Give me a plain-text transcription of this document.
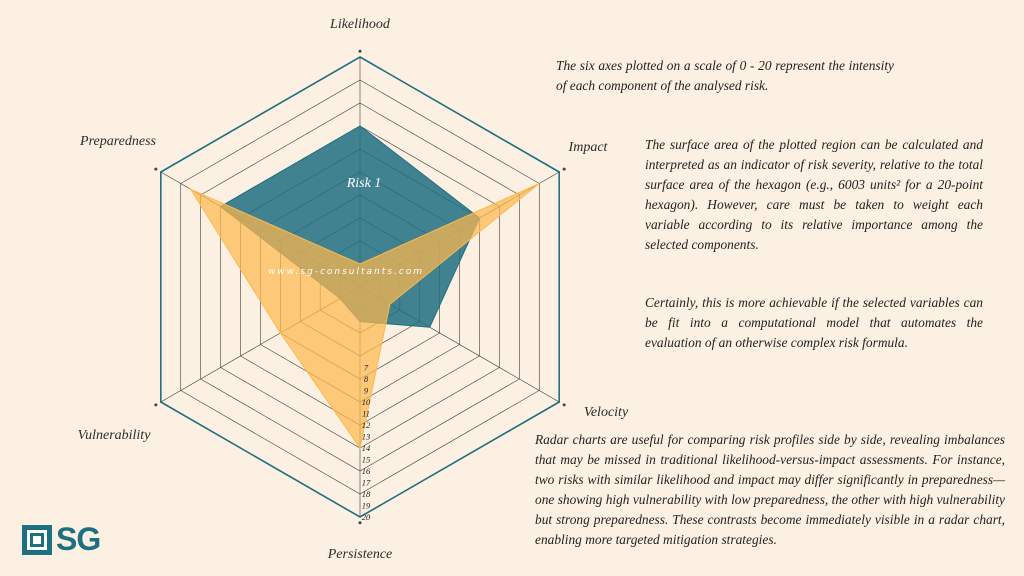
7
8
9
10
11
12
13
14
15
16
17
18
19
20
Likelihood
Impact
Velocity
Persistence
Vulnerability
Preparedness
Risk 1
www.sg-consultants.com

The six axes plotted on a scale of 0 - 20 represent the intensity of each component of the analysed risk.

The surface area of the plotted region can be calculated and interpreted as an indicator of risk severity, relative to the total surface area of the hexagon (e.g., 6003 units² for a 20-point hexagon). However, care must be taken to weight each variable according to its relative importance among the selected components.

Certainly, this is more achievable if the selected variables can be fit into a computational model that automates the evaluation of an otherwise complex risk formula.

Radar charts are useful for comparing risk profiles side by side, revealing imbalances that may be missed in traditional likelihood-versus-impact assessments. For instance, two risks with similar likelihood and impact may differ significantly in preparedness—one showing high vulnerability with low preparedness, the other with high vulnerability but strong preparedness. These contrasts become immediately visible in a radar chart, enabling more targeted mitigation strategies.

SG
